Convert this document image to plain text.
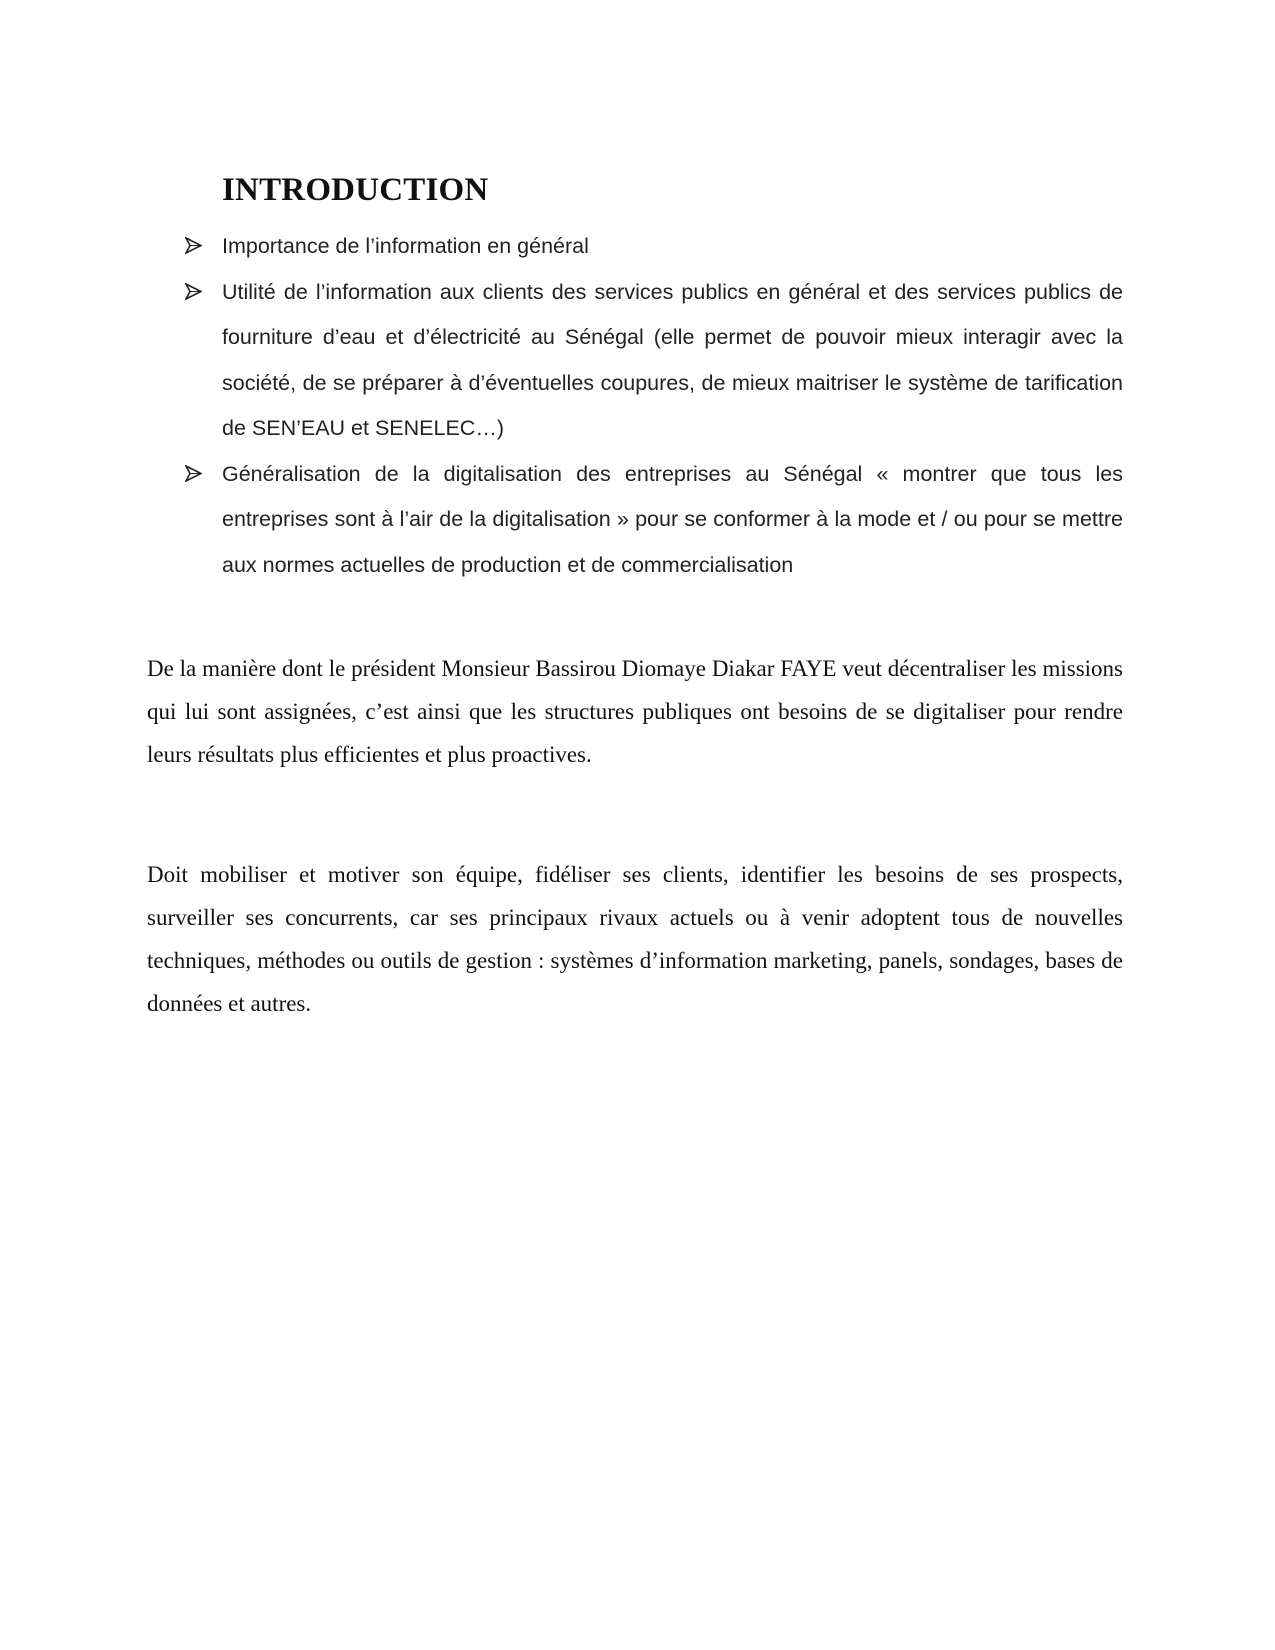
INTRODUCTION
Importance de l’information en général
Utilité de l’information aux clients des services publics en général et des services publics de fourniture d’eau et d’électricité au Sénégal (elle permet de pouvoir mieux interagir avec la société, de se préparer à d’éventuelles coupures, de mieux maitriser le système de tarification de SEN’EAU et SENELEC…)
Généralisation de la digitalisation des entreprises au Sénégal « montrer que tous les entreprises sont à l’air de la digitalisation » pour se conformer à la mode et / ou pour se mettre aux normes actuelles de production et de commercialisation

De la manière dont le président Monsieur Bassirou Diomaye Diakar FAYE veut décentraliser les missions qui lui sont assignées, c’est ainsi que les structures publiques ont besoins de se digitaliser pour rendre leurs résultats plus efficientes et plus proactives.

Doit mobiliser et motiver son équipe, fidéliser ses clients, identifier les besoins de ses prospects, surveiller ses concurrents, car ses principaux rivaux actuels ou à venir adoptent tous de nouvelles techniques, méthodes ou outils de gestion : systèmes d’information marketing, panels, sondages, bases de données et autres.
